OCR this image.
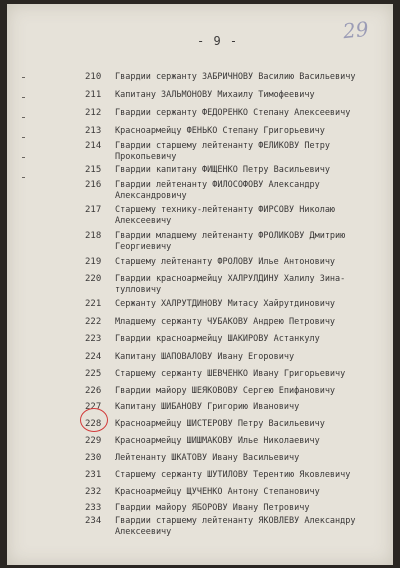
- 9 -	29
210	Гвардии сержанту ЗАБРИЧНОВУ Василию Васильевичу
211	Капитану ЗАЛЬМОНОВУ Михаилу Тимофеевичу
212	Гвардии сержанту ФЕДОРЕНКО Степану Алексеевичу
213	Красноармейцу ФЕНЬКО Степану Григорьевичу
214	Гвардии старшему лейтенанту ФЕЛИКОВУ Петру
Прокопьевичу
215	Гвардии капитану ФИЩЕНКО Петру Васильевичу
216	Гвардии лейтенанту ФИЛОСОФОВУ Александру
Александровичу
217	Старшему технику-лейтенанту ФИРСОВУ Николаю
Алексеевичу
218	Гвардии младшему лейтенанту ФРОЛИКОВУ Дмитрию
Георгиевичу
219	Старшему лейтенанту ФРОЛОВУ Илье Антоновичу
220	Гвардии красноармейцу ХАЛРУЛДИНУ Халилу Зина-
тулловичу
221	Сержанту ХАЛРУТДИНОВУ Митасу Хайрутдиновичу
222	Младшему сержанту ЧУБАКОВУ Андрею Петровичу
223	Гвардии красноармейцу ШАКИРОВУ Астанкулу
224	Капитану ШАПОВАЛОВУ Ивану Егоровичу
225	Старшему сержанту ШЕВЧЕНКО Ивану Григорьевичу
226	Гвардии майору ШЕЯКОВОВУ Сергею Епифановичу
227	Капитану ШИБАНОВУ Григорию Ивановичу
228	Красноармейцу ШИСТЕРОВУ Петру Васильевичу
229	Красноармейцу ШИШМАКОВУ Илье Николаевичу
230	Лейтенанту ШКАТОВУ Ивану Васильевичу
231	Старшему сержанту ШУТИЛОВУ Терентию Яковлевичу
232	Красноармейцу ЩУЧЕНКО Антону Степановичу
233	Гвардии майору ЯБОРОВУ Ивану Петровичу
234	Гвардии старшему лейтенанту ЯКОВЛЕВУ Александру
Алексеевичу
